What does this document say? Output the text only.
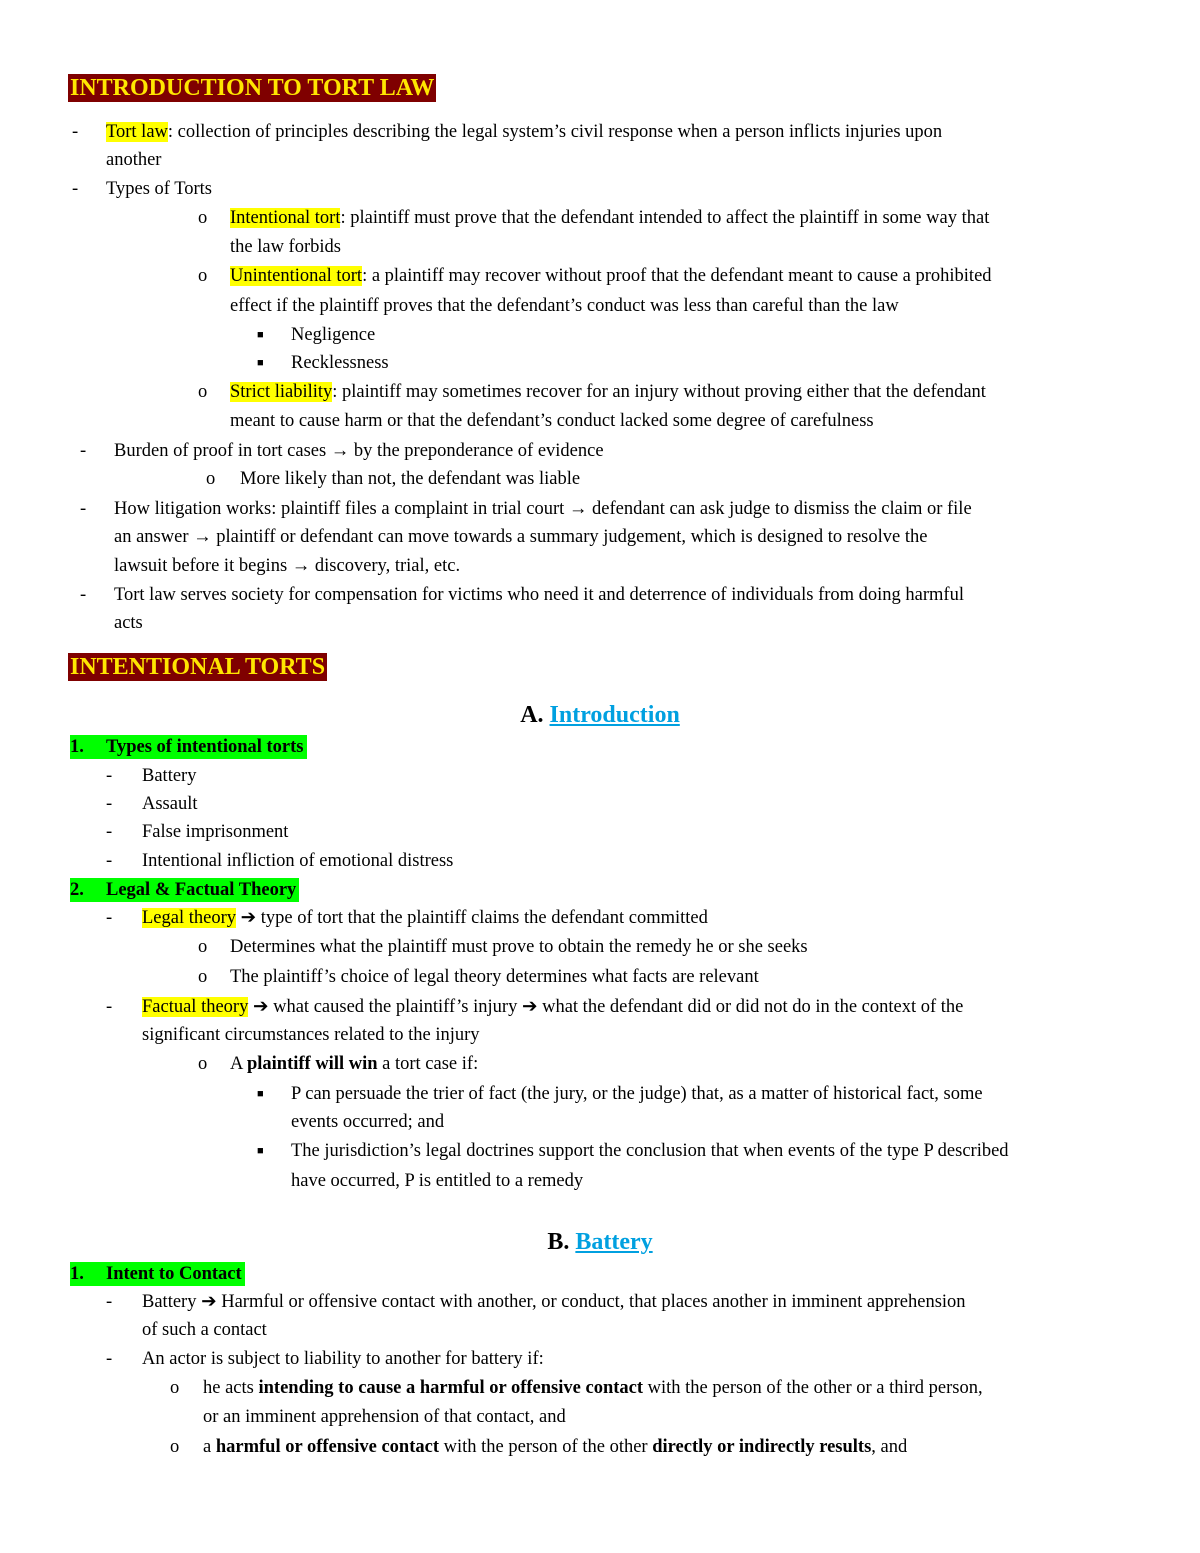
INTRODUCTION TO TORT LAW
- Tort law: collection of principles describing the legal system’s civil response when a person inflicts injuries upon
another
- Types of Torts
o Intentional tort: plaintiff must prove that the defendant intended to affect the plaintiff in some way that
the law forbids
o Unintentional tort: a plaintiff may recover without proof that the defendant meant to cause a prohibited
effect if the plaintiff proves that the defendant’s conduct was less than careful than the law
■ Negligence
■ Recklessness
o Strict liability: plaintiff may sometimes recover for an injury without proving either that the defendant
meant to cause harm or that the defendant’s conduct lacked some degree of carefulness
- Burden of proof in tort cases → by the preponderance of evidence
o More likely than not, the defendant was liable
- How litigation works: plaintiff files a complaint in trial court → defendant can ask judge to dismiss the claim or file
an answer → plaintiff or defendant can move towards a summary judgement, which is designed to resolve the
lawsuit before it begins → discovery, trial, etc.
- Tort law serves society for compensation for victims who need it and deterrence of individuals from doing harmful
acts
INTENTIONAL TORTS
A. Introduction
1. Types of intentional torts
- Battery
- Assault
- False imprisonment
- Intentional infliction of emotional distress
2. Legal & Factual Theory
- Legal theory ➔ type of tort that the plaintiff claims the defendant committed
o Determines what the plaintiff must prove to obtain the remedy he or she seeks
o The plaintiff’s choice of legal theory determines what facts are relevant
- Factual theory ➔ what caused the plaintiff’s injury ➔ what the defendant did or did not do in the context of the
significant circumstances related to the injury
o A plaintiff will win a tort case if:
■ P can persuade the trier of fact (the jury, or the judge) that, as a matter of historical fact, some
events occurred; and
■ The jurisdiction’s legal doctrines support the conclusion that when events of the type P described
have occurred, P is entitled to a remedy
B. Battery
1. Intent to Contact
- Battery ➔ Harmful or offensive contact with another, or conduct, that places another in imminent apprehension
of such a contact
- An actor is subject to liability to another for battery if:
o he acts intending to cause a harmful or offensive contact with the person of the other or a third person,
or an imminent apprehension of that contact, and
o a harmful or offensive contact with the person of the other directly or indirectly results, and
